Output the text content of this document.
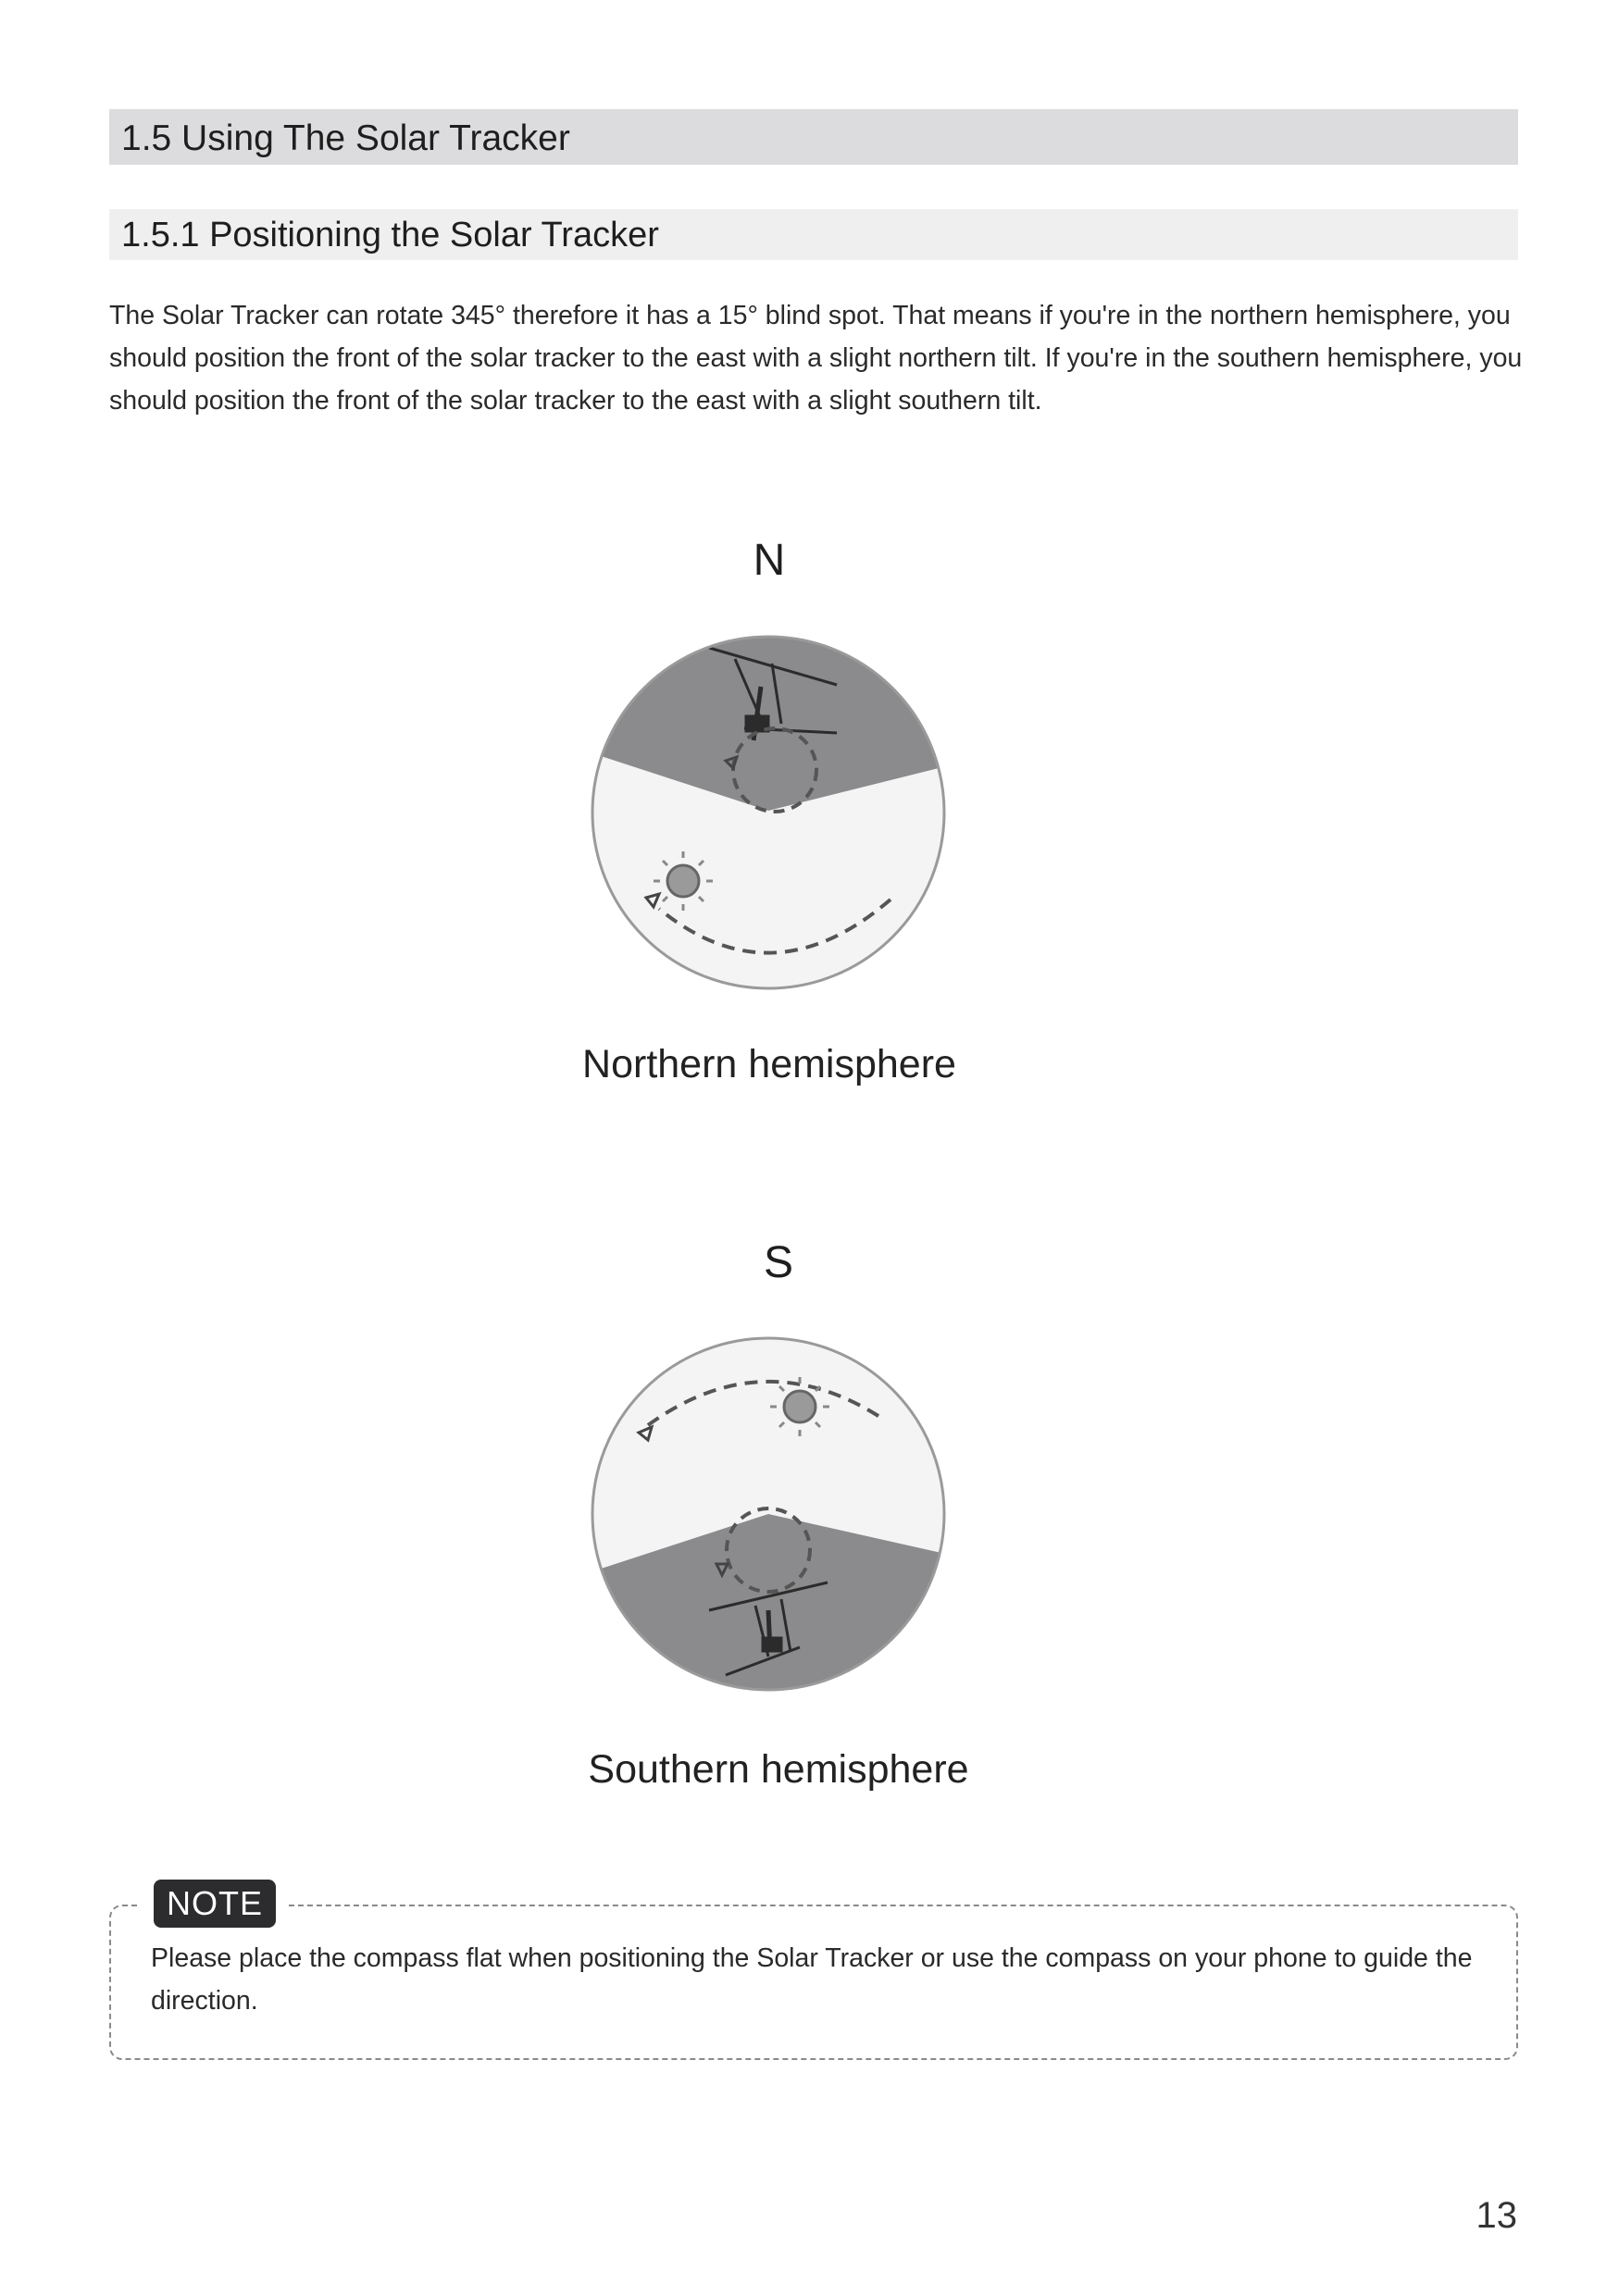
1.5 Using The Solar Tracker
1.5.1 Positioning the Solar Tracker

The Solar Tracker can rotate 345° therefore it has a 15° blind spot. That means if you're in the northern hemisphere, you should position the front of the solar tracker to the east with a slight northern tilt. If you're in the southern hemisphere, you should position the front of the solar tracker to the east with a slight southern tilt.

N
Northern hemisphere
S
Southern hemisphere
NOTE

Please place the compass flat when positioning the Solar Tracker or use the compass on your phone to guide the direction.

13
